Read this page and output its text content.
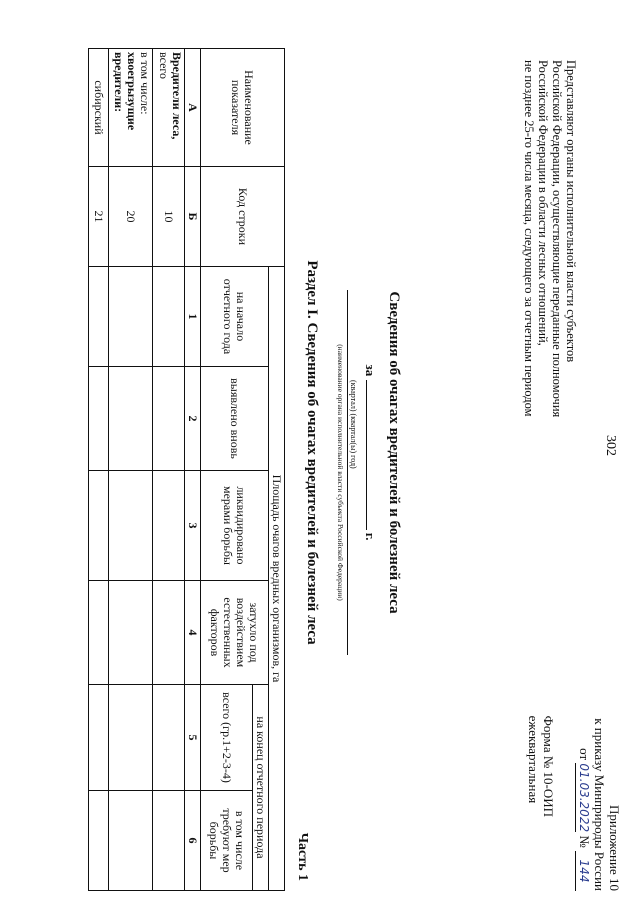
302
Приложение 10
к приказу Минприроды России
от 01.03.2022 № 144
Форма № 10-ОИП
ежеквартальная
Представляют органы исполнительной власти субъектов
Российской Федерации, осуществляющие переданные полномочия
Российской Федерации в области лесных отношений,
не позднее 25-го числа месяца, следующего за отчетным периодом
Сведения об очагах вредителей и болезней леса
за  г.
(квартал) (квартал(ы) год)
(наименование органа исполнительной власти субъекта Российской Федерации)
Раздел I. Сведения об очагах вредителей и болезней леса
Часть 1
Наименование показателя	Код строки	Площадь очагов вредных организмов, га					
		на начало отчетного года	выявлено вновь	ликвидировано мерами борьбы	затухло под воздействием естественных факторов	на конец отчетного периода	
						всего (гр.1+2-3-4)	в том числе требуют мер борьбы
А	Б	1	2	3	4	5	6
Вредители леса,
всего	10						
в том числе:
хвоегрызущие вредители:	20						
сибирский	21						
